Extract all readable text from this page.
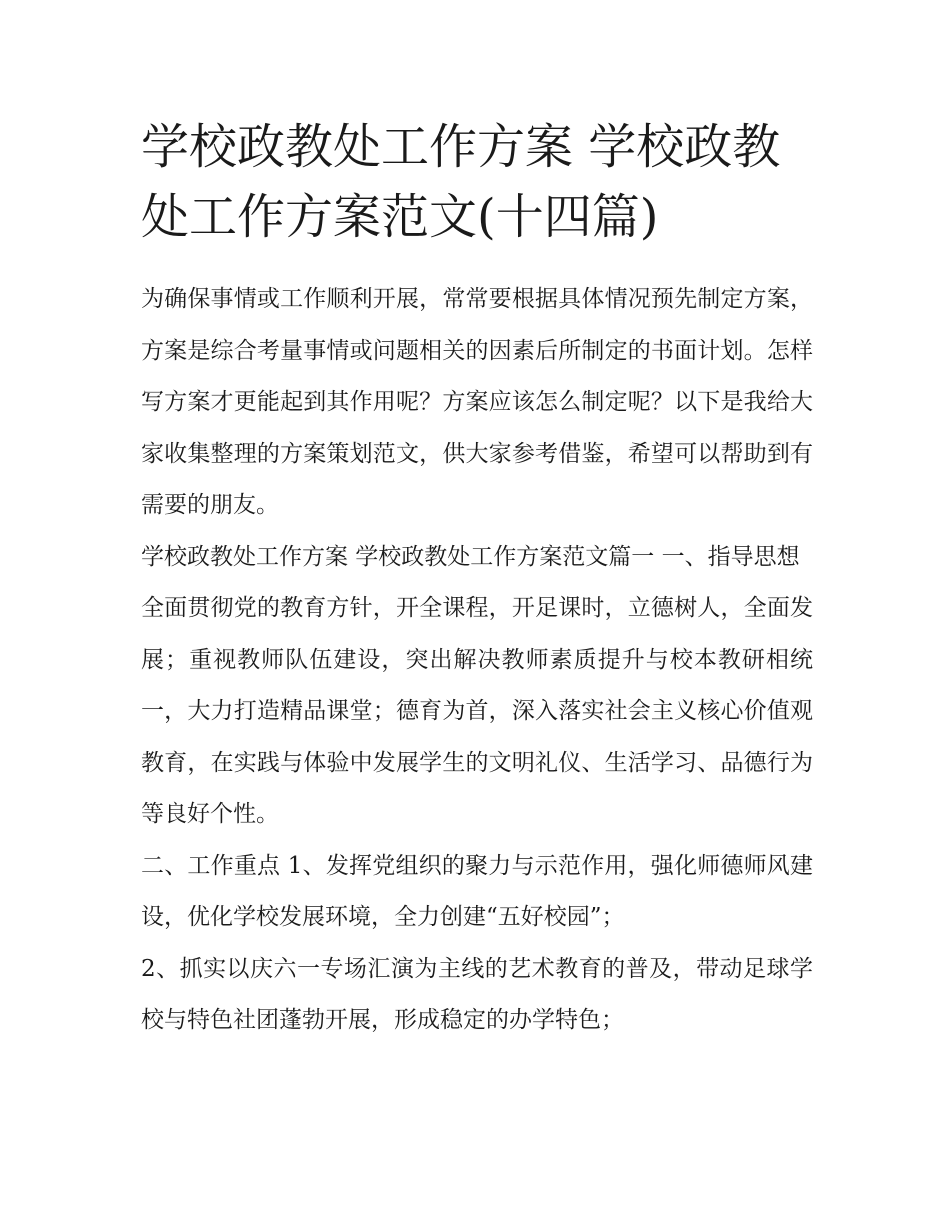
学校政教处工作方案 学校政教处工作方案范文(十四篇)

为确保事情或工作顺利开展，常常要根据具体情况预先制定方案，方案是综合考量事情或问题相关的因素后所制定的书面计划。怎样写方案才更能起到其作用呢？方案应该怎么制定呢？以下是我给大家收集整理的方案策划范文，供大家参考借鉴，希望可以帮助到有需要的朋友。

学校政教处工作方案 学校政教处工作方案范文篇一 一、指导思想

全面贯彻党的教育方针，开全课程，开足课时，立德树人，全面发展；重视教师队伍建设，突出解决教师素质提升与校本教研相统一，大力打造精品课堂；德育为首，深入落实社会主义核心价值观教育，在实践与体验中发展学生的文明礼仪、生活学习、品德行为等良好个性。

二、工作重点 1、发挥党组织的聚力与示范作用，强化师德师风建设，优化学校发展环境，全力创建“五好校园”；

2、抓实以庆六一专场汇演为主线的艺术教育的普及，带动足球学校与特色社团蓬勃开展，形成稳定的办学特色；
